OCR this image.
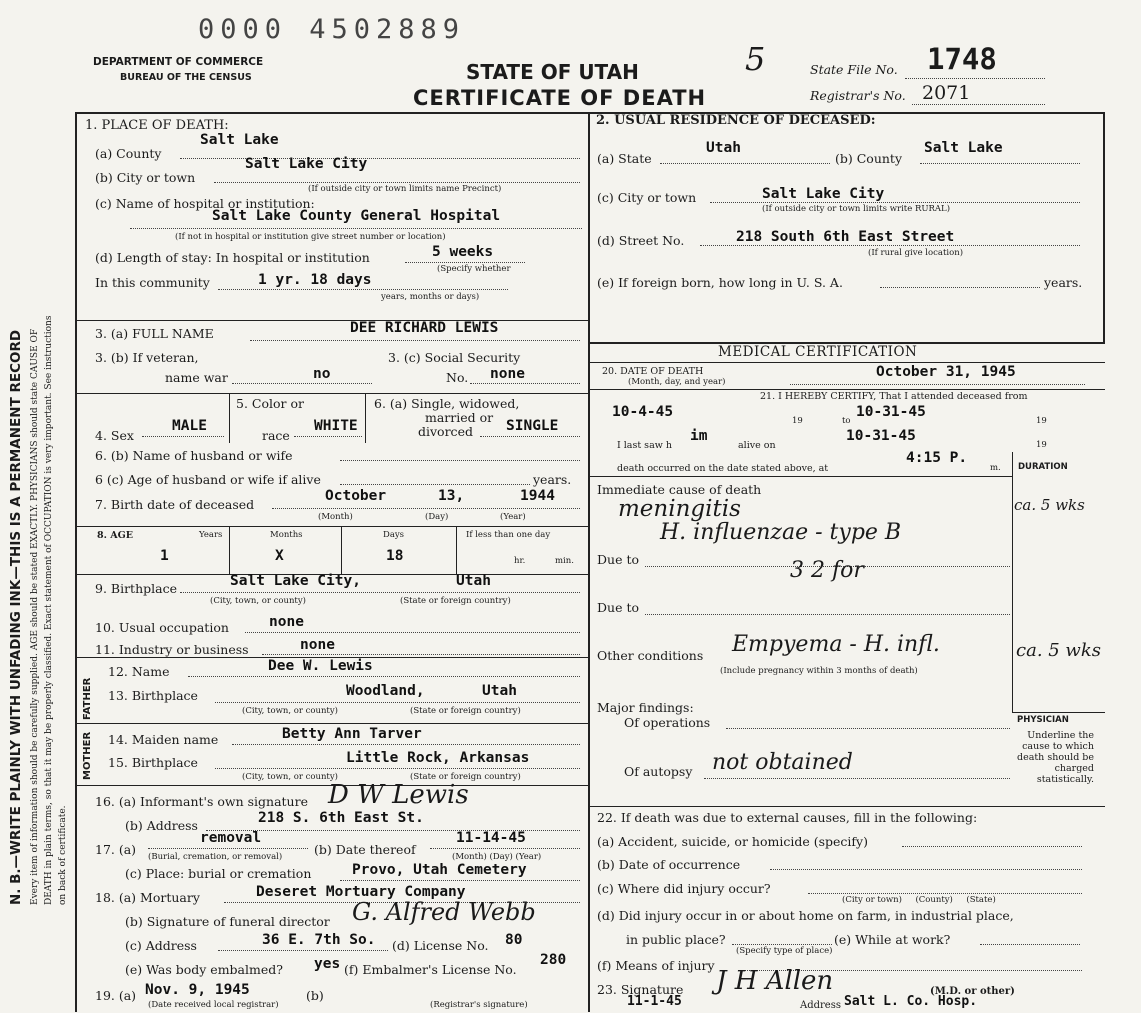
0000 4502889
DEPARTMENT OF COMMERCE
BUREAU OF THE CENSUS	STATE OF UTAH
CERTIFICATE OF DEATH
5	State File No. 1748
Registrar's No. 2071
N. B.—WRITE PLAINLY WITH UNFADING INK—THIS IS A PERMANENT RECORD Every item of information should be carefully supplied. AGE should be stated EXACTLY. PHYSICIANS should state CAUSE OF DEATH in plain terms, so that it may be properly classified. Exact statement of OCCUPATION is very important. See instructions on back of certificate.
1. PLACE OF DEATH:
(a) County
Salt Lake
(b) City or town
Salt Lake City
(If outside city or town limits name Precinct)
(c) Name of hospital or institution:
Salt Lake County General Hospital
(If not in hospital or institution give street number or location)
(d) Length of stay: In hospital or institution	5 weeks
(Specify whether
In this community	1 yr. 18 days
years, months or days)
2. USUAL RESIDENCE OF DECEASED:
(a) State
Utah
(b) County
Salt Lake
(c) City or town	Salt Lake City
(If outside city or town limits write RURAL)
(d) Street No.	218 South 6th East Street
(If rural give location)
(e) If foreign born, how long in U. S. A.	years.
3. (a) FULL NAME	DEE RICHARD LEWIS
3. (b) If veteran,
name war	no
3. (c) Social Security
No. none
4. Sex
MALE
5. Color or
race
WHITE
6. (a) Single, widowed,
married or
divorced SINGLE
6. (b) Name of husband or wife
6 (c) Age of husband or wife if alive	years.
7. Birth date of deceased
October	13,	1944
(Month)	(Day)	(Year)
8. AGE	Years	Months	Days	If less than one day
1	X	18	hr.	min.
9. Birthplace	Salt Lake City,	Utah
(City, town, or county)	(State or foreign country)
10. Usual occupation	none
11. Industry or business	none
FATHER
12. Name	Dee W. Lewis
13. Birthplace	Woodland,	Utah
(City, town, or county)	(State or foreign country)
MOTHER 14. Maiden name	Betty Ann Tarver
15. Birthplace	Little Rock, Arkansas
(City, town, or county)	(State or foreign country)
16. (a) Informant's own signature D W Lewis
(b) Address	218 S. 6th East St.
17. (a)
removal
(Burial, cremation, or removal)	(b) Date thereof
11-14-45
(Month) (Day) (Year)
(c) Place: burial or cremation	Provo, Utah Cemetery
18. (a) Mortuary	Deseret Mortuary Company
(b) Signature of funeral director G. Alfred Webb
(c) Address	36 E. 7th So. (d) License No. 80
(e) Was body embalmed? yes (f) Embalmer's License No.
280
19. (a) Nov. 9, 1945
(Date received local registrar)
(b)
(Registrar's signature)
MEDICAL CERTIFICATION
20. DATE OF DEATH
(Month, day, and year)
October 31, 1945
21. I HEREBY CERTIFY, That I attended deceased from
10-4-45
19	to
10-31-45
19
I last saw h
im
alive on
10-31-45
19
death occurred on the date stated above, at
4:15 P.
m. DURATION
Immediate cause of death
meningitis	ca. 5 wks
H. influenzae - type B
Due to	3 2 for
Due to
Other conditions Empyema - H. infl.	ca. 5 wks
(Include pregnancy within 3 months of death)
Major findings:
Of operations
Of autopsy not obtained
PHYSICIAN
Underline the cause to which death should be charged statistically.
22. If death was due to external causes, fill in the following:
(a) Accident, suicide, or homicide (specify)
(b) Date of occurrence
(c) Where did injury occur?
(City or town)     (County)     (State)
(d) Did injury occur in or about home on farm, in industrial place,
in public place?
(Specify type of place)
(e) While at work?
(f) Means of injury
23. Signature J H Allen	(M.D. or other)
11-1-45	Address Salt L. Co. Hosp.
